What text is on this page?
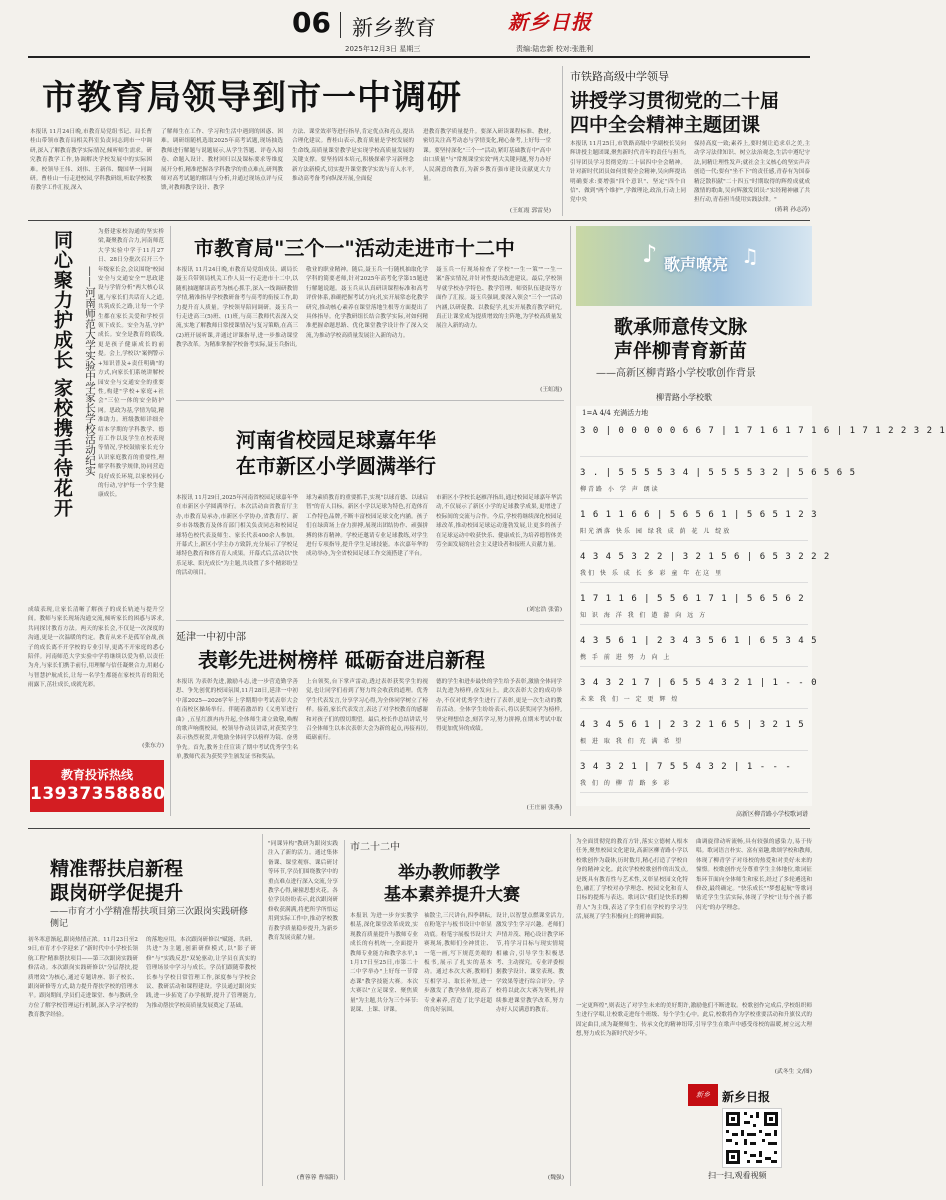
06 新乡教育	新乡日报
2025年12月3日 星期三	责编:陆忠新 校对:张胜利
市教育局领导到市一中调研
本报讯 11月24日晚,市教育局党组书记、局长曹桂山带领市教育局相关科室负责同志到市一中调研,深入了解教育教学实际情况,倾听师生需求。研究教育教学工作,协调解决学校发展中的实际困难。校领导王伟、刘伟、王新伟、魏国华一同调研。曹桂山一行走进校园,学科教研组,听取学校教育教学工作汇报,深入
了解师生在工作、学习和生活中遇到的困惑、困难。调研组随机选取2025年高考试题,现场抽选教师进行解题与说题展示,从学生答题、评卷入阅卷、命题入设计、教材回归以及课标要求等维度展开分析,精准把握各学科教学的重点难点,研判教师对高考试题的解读与分析,并通过现场点评与反馈,对教师教学设计、教学
方法、课堂效率等进行指导,肯定优点和亮点,提出合理化建议。曹桂山表示,教育质量是学校发展的生命线,高质量课堂教学是实现学校高质量发展的关键支撑。要坚持固本培元,积极探索学习新理念新方法新模式,切实提升课堂教学实效与育人水平,推动高考备考向纵深开展,全面促
进教育教学质量提升。要深入研读课程标准、教材,密切关注高考动态与学情变化,精心备考,上好每一堂课。要坚持深化"三个一"活动,紧盯基础教育中"高中由口质量"与"常规课堂实效"两大关键问题,努力办好人民满意的教育,为新乡教育强市建设贡献更大力量。
(王虹霞 郭雷昊)
市铁路高级中学领导
讲授学习贯彻党的二十届
四中全会精神主题团课
本报讯 11月25日,市铁路高级中学副校长吴向辉讲授主题团课,聚焦新时代青年的责任与担当,引导团员学习贯彻党的二十届四中全会精神。针对新时代团员如何贯彻全会精神,吴向辉提出明确要求:要增强"四个意识"、坚定"四个自信"、做到"两个维护",学做理论,政治,行动上同党中央
保持高度一致;素养上,要时刻让追求卓之美,主动学习法律知识、树立法治观念,生活中遵纪守法,同精让理性发声;就社会主义核心的坚实声音 创造一代;要有"坐不下"的责任感,青春有为国泰精泛散积献"二十四五"时期取得的辉煌成就成激情的歌曲,吴向辉激发团员:"实经精神融了共担行动,青春担当使用实践法律。"
(蒋莉 孙志涛)
同心聚力护成长 家校携手待花开	——河南师范大学实验中学家长学校活动纪实
为搭建家校沟通的坚实桥梁,凝聚教育合力,河南师范大学实验中学于11月27日、28日分批次召开三个年级家长会,会议围绕"校园安全与交通安全""思政建设与学情分析"两大核心议题,与家长们共话育人之道,共筑成长之路,让每一个学生都在家长关爱和学校引领下成长。安全为基,守护成长。安全是教育的底线,更是孩子健康成长的前提。会上,学校以"案例警示+知识普及+责任明确"的方式,向家长们系统讲解校园安全与交通安全的重要性,构建"学校+家庭+社会"三位一体的安全防护网。思政为基,学情为镜,精准助力。班级教师详细介绍本学期的学科教学、德育工作以及学生在校表现等情况,学校鼓励家长充分认识家庭教育的重要性,理解学科教学规律,协同营造良好成长环境,以家校同心的行动,守护每一个学生健康成长。
成绩表现,让家长清晰了解孩子的成长轨迹与提升空间。教师与家长现场沟通交流,倾听家长的困惑与诉求,共同探讨教育方法。两天的家长会,不仅是一次深度的沟通,更是一次温暖的约定。教育从来不是孤军奋战,孩子的成长离不开学校的专业引导,更离不开家庭的悉心陪伴。河南师范大学实验中学将继续以爱为桥,以责任为舟,与家长们携手前行,用理解与信任凝聚合力,用耐心与智慧护航成长,让每一名学生都能在家校共育的阳光雨露下,茁壮成长,成就光彩。
(张东方)
教育投诉热线
13937358880
市教育局"三个一"活动走进市十二中
本报讯 11月24日晚,市教育局党组成员、副局长聂玉兵带领局机关工作人员一行走进市十二中,以随机抽题解读高考为核心抓手,深入一线调研教情学情,精准指导学校教研备考与高考的衔接工作,助力提升育人质量。学校领导陪同调研。聂玉兵一行走进高三(5)班、(1)班,与高三教师代表深入交流,实地了解教师日常授课情况与复习策略,在高三(2)班开展听课,并通过评课指导,进一步推动课堂教学改革。为精准掌握学校备考实际,聂玉兵指出,
敬业的职业精神。随后,聂玉兵一行随机抽取化学学科的简要老师,针对2025年高考化学第15题进行解题说题。聂玉兵从认真研读课程标准和高考评价体系,准确把握考试方向;扎实开展常态化教学研究,推动核心素养在课堂落地生根等方面提出了具体指导。化学教研组长结合教学实际,对如何精准把握命题思路、优化课堂教学设计作了深入交流,为推动学校高质量发展注入新的动力。
聂玉兵一行现场检查了学校"一生一策""一生一案"落实情况,并针对性提出改进建议。最后,学校领导就学校办学特色、教学管理、师资队伍建设等方面作了汇报。聂玉兵强调,要深入领会"三个一"活动内涵,以研促教、以教促学,扎实开展教育教学研究,真正让课堂成为提质增效的主阵地,为学校高质量发展注入新的动力。
(王虹霞)
河南省校园足球嘉年华
在市新区小学圆满举行
本报讯 11月29日,2025年河南省校园足球嘉年华在市新区小学圆满举行。本次活动由省教育厅主办,市教育局承办,市新区小学协办,省教育厅、新乡市各级教育及体育部门相关负责同志和校园足球特色校代表及师生、家长代表400余人参加。开幕式上,新区小学主办方致辞,充分展示了学校足球特色教育和体育育人成果。开幕式后,活动以"快乐足球、阳光成长"为主题,共设置了多个精彩纷呈的活动项目。
球为素质教育的重要抓手,实现"以球育德、以球启智"的育人目标。新区小学以足球为特色,打造体育工作特色品牌,不断丰富校园足球文化内涵。孩子们在绿茵场上奋力拼搏,展现出团结协作、顽强拼搏的体育精神。学校还邀请专业足球教练,对学生进行专项指导,提升学生足球技能。本次嘉年华的成功举办,为全省校园足球工作交流搭建了平台。
市新区小学校长赵雁洋指出,通过校园足球嘉年华活动,不仅展示了新区小学的足球教学成果,更增进了校际间的交流与合作。今后,学校将继续深化校园足球改革,推动校园足球运动蓬勃发展,让更多的孩子在足球运动中收获快乐、健康成长,为培养德智体美劳全面发展的社会主义建设者和接班人贡献力量。
(刘宏浩 张蕾)
延津一中初中部
表彰先进树榜样 砥砺奋进启新程
本报讯 为表彰先进,激励斗志,进一步营造勤学善思、争先创优的校园氛围,11月28日,延津一中初中部2025—2026学年上学期期中考试表彰大会在南校区操场举行。伴随着激昂的《义勇军进行曲》,五星红旗冉冉升起,全体师生肃立致敬,唤醒的歌声响彻校园。校领导作动员讲话,对获奖学生表示热烈祝贺,并勉励全体同学以榜样为镜、奋勇争先。首先,教务主任宣读了期中考试优秀学生名单,教师代表为获奖学生颁发证书和奖品。
上台领奖,台下掌声雷动,透过表彰获奖学生的视觉,也让同学们看到了努力终会收获的道理。优秀学生代表发言,分享学习心得,为全体同学树立了榜样。接着,家长代表发言,表达了对学校教育的感谢和对孩子们的殷切期望。最后,校长作总结讲话,号召全体师生以本次表彰大会为新的起点,再接再厉,砥砺前行。
德的学生和进步最快的学生给予表彰,激励全体同学以先进为榜样,奋发向上。此次表彰大会的成功举办,不仅对优秀学生进行了表彰,更是一次生动的教育活动。全体学生纷纷表示,将以获奖同学为榜样,坚定理想信念,刻苦学习,努力拼搏,在期末考试中取得更加优异的成绩。
(王庄丽 张燕)
♪ 歌声嘹亮 ♫
歌承师意传文脉
声伴柳青育新苗
——高新区柳青路小学校歌创作背景
柳青路小学校歌
1=A 4/4 充满活力地
3 0 | 0 0 0 0 0 6 6 7 | 1 7 1 6 1 7 1 6 | 1 7 1 2 2 3 2 1
3 . | 5 5 5 5 3 4 | 5 5 5 5 3 2 | 5 6 5 6 5
柳青路 小 学 声 朗读
1 6 1 1 6 6 | 5 6 5 6 1 | 5 6 5 1 2 3
阳光洒落 快乐 园 绿我 成 荫 花 儿 绽放
4 3 4 5 3 2 2 | 3 2 1 5 6 | 6 5 3 2 2 2
我们 快 乐 成 长 多 彩 童 年 在这 里
1 7 1 1 6 | 5 5 6 1 7 1 | 5 6 5 6 2
知 识 海 洋 我 们 遨 游 向 远 方
4 3 5 6 1 | 2 3 4 3 5 6 1 | 6 5 3 4 5
携 手 前 进 努 力 向 上
3 4 3 2 1 7 | 6 5 5 4 3 2 1 | 1 - - 0
未来 我 们 一 定 更 辉 煌
4 3 4 5 6 1 | 2 3 2 1 6 5 | 3 2 1 5
根 进 取 我 们 充 满 希 望
3 4 3 2 1 | 7 5 5 4 3 2 | 1 - - -
我 们 的 柳 青 路 多 彩
高新区柳青路小学校歌词谱
精准帮扶启新程
跟岗研学促提升
——市育才小学精准帮扶项目第三次跟岗实践研修侧记
初冬寒意渐起,跟岗热情正浓。11月23日至29日,市育才小学迎来了"新时代中小学校长领航工程"精准帮扶项目——第三次跟岗实践研修活动。本次跟岗实践研修以"分层帮扶,提质增效"为核心,通过专题讲座、影子校长、跟岗研修等方式,助力提升帮扶学校的管理水平。跟岗期间,学员们走进课堂、参与教研,全方位了解学校管理运行机制,深入学习学校的教育教学经验。
的落地应用。本次跟岗研修以"赋能、共研、共进"为主题,创新研修模式,以"影子研修"与"实践反思"双轮驱动,让学员在真实的管理场景中学习与成长。学员们跟随带教校长参与学校日常管理工作,深度参与学校会议、教研活动和课程建设。学员通过跟岗实践,进一步拓宽了办学视野,提升了管理能力,为推动帮扶学校高质量发展奠定了基础。
"同课异构"教研为跟岗实践注入了新的活力。通过集体备课、课堂观察、课后研讨等环节,学员们围绕教学中的重点难点进行深入交流,分享教学心得,碰撞思想火花。各位学员纷纷表示,此次跟岗研修收获满满,将把所学所悟运用到实际工作中,推动学校教育教学质量稳步提升,为新乡教育发展贡献力量。
(曹蓉蓉 曹端阳)
市二十二中
举办教师教学
基本素养提升大赛
本报讯 为进一步夯实教学根基,深化课堂改革成效,实现教育质量提升与教师专业成长的有机统一,全面提升教师专业能力和教学水平,11月17日至25日,市第二十二中学举办"上好每一节常态课"教学技能大赛。本次大赛以"立足课堂、聚焦质量"为主题,共分为三个环节:说课、上课、评课。
袖散尘,三尺讲台,四季耕耘,在粉笔字与板书设计中彰显功底。粉笔字展板书设计大赛现场,教师们全神贯注、一笔一画,写下规范美观的板书,展示了扎实的基本功。通过本次大赛,教师们互相学习、取长补短,进一步激发了教学热情,提高了专业素养,营造了比学赶超的良好氛围。
设计,以智慧点燃课堂活力,激发学生学习兴趣。老师们声情并茂、精心设计教学环节,将学习目标与现实情境相融合,引导学生积极思考、主动探究。专业评委根据教学设计、课堂表现、教学效果等进行综合评分。学校将以此次大赛为契机,持续推进课堂教学改革,努力办好人民满意的教育。
(魏强)
为全面贯彻党的教育方针,落实立德树人根本任务,聚焦校园文化建设,高新区柳青路小学以校歌创作为载体,历时数月,精心打造了学校自身的精神文化。此次学校校歌创作的出发点,是既具有教育性与艺术性,又彰显校园文化特色,融汇了学校对办学理念、校园文化和育人目标的提炼与表达。歌词以"我们是快乐的柳青人"为主线,表达了学生们在学校的学习生活,展现了学生积极向上的精神面貌。
曲调旋律动听流畅,具有较强的感染力,易于传唱。歌词语言朴实、富有童趣,歌颂学校和教师,体现了柳青学子对母校的热爱和对美好未来的憧憬。校歌创作充分尊重学生主体地位,歌词征集环节面向全体师生和家长,经过了多轮遴选和修改,最终确定。"快乐成长""梦想起航"等歌词贴近学生生活实际,体现了学校"让每个孩子都闪光"的办学理念。
一定更辉煌",则表达了对学生未来的美好期许,激励他们不断进取。校歌创作完成后,学校组织师生进行学唱,让校歌走进每个班级、每个学生心中。此后,校歌将作为学校重要活动和升旗仪式的固定曲目,成为凝聚师生、传承文化的精神纽带,引导学生在歌声中感受母校的温暖,树立远大理想,努力成长为新时代好少年。
(武冬生 文/图)
新乡	新乡日报
扫一扫,观看视频
